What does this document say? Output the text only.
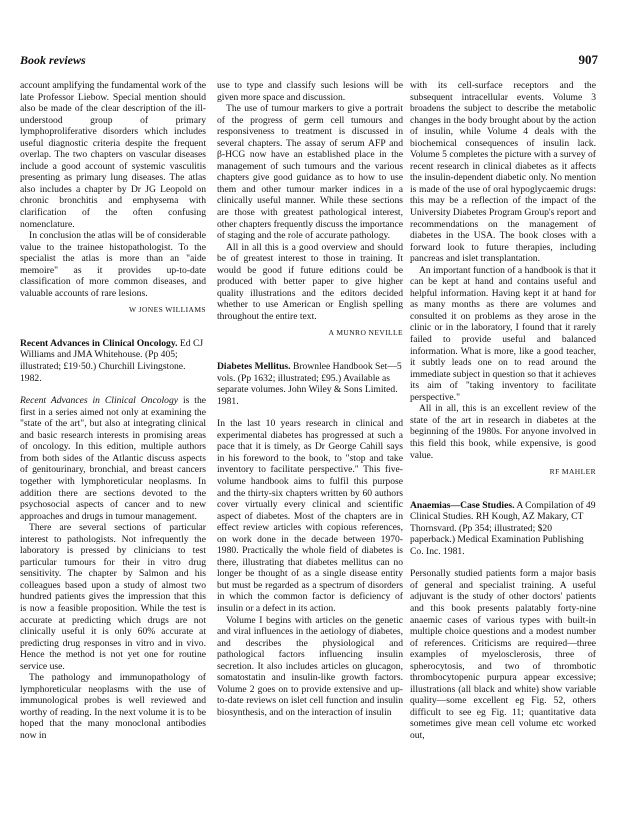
Book reviews	907

account amplifying the fundamental work of the late Professor Liebow. Special mention should also be made of the clear description of the ill-understood group of primary lymphoproliferative disorders which includes useful diagnostic criteria despite the frequent overlap. The two chapters on vascular diseases include a good account of systemic vasculitis presenting as primary lung diseases. The atlas also includes a chapter by Dr JG Leopold on chronic bronchitis and emphysema with clarification of the often confusing nomenclature.

In conclusion the atlas will be of considerable value to the trainee histopathologist. To the specialist the atlas is more than an "aide memoire" as it provides up-to-date classification of more common diseases, and valuable accounts of rare lesions.

W JONES WILLIAMS

Recent Advances in Clinical Oncology. Ed CJ Williams and JMA Whitehouse. (Pp 405; illustrated; £19·50.) Churchill Livingstone. 1982.

Recent Advances in Clinical Oncology is the first in a series aimed not only at examining the "state of the art", but also at integrating clinical and basic research interests in promising areas of oncology. In this edition, multiple authors from both sides of the Atlantic discuss aspects of genitourinary, bronchial, and breast cancers together with lymphoreticular neoplasms. In addition there are sections devoted to the psychosocial aspects of cancer and to new approaches and drugs in tumour management.

There are several sections of particular interest to pathologists. Not infrequently the laboratory is pressed by clinicians to test particular tumours for their in vitro drug sensitivity. The chapter by Salmon and his colleagues based upon a study of almost two hundred patients gives the impression that this is now a feasible proposition. While the test is accurate at predicting which drugs are not clinically useful it is only 60% accurate at predicting drug responses in vitro and in vivo. Hence the method is not yet one for routine service use.

The pathology and immunopathology of lymphoreticular neoplasms with the use of immunological probes is well reviewed and worthy of reading. In the next volume it is to be hoped that the many monoclonal antibodies now in

use to type and classify such lesions will be given more space and discussion.

The use of tumour markers to give a portrait of the progress of germ cell tumours and responsiveness to treatment is discussed in several chapters. The assay of serum AFP and β-HCG now have an established place in the management of such tumours and the various chapters give good guidance as to how to use them and other tumour marker indices in a clinically useful manner. While these sections are those with greatest pathological interest, other chapters frequently discuss the importance of staging and the role of accurate pathology.

All in all this is a good overview and should be of greatest interest to those in training. It would be good if future editions could be produced with better paper to give higher quality illustrations and the editors decided whether to use American or English spelling throughout the entire text.

A MUNRO NEVILLE

Diabetes Mellitus. Brownlee Handbook Set—5 vols. (Pp 1632; illustrated; £95.) Available as separate volumes. John Wiley & Sons Limited. 1981.

In the last 10 years research in clinical and experimental diabetes has progressed at such a pace that it is timely, as Dr George Cahill says in his foreword to the book, to "stop and take inventory to facilitate perspective." This five-volume handbook aims to fulfil this purpose and the thirty-six chapters written by 60 authors cover virtually every clinical and scientific aspect of diabetes. Most of the chapters are in effect review articles with copious references, on work done in the decade between 1970-1980. Practically the whole field of diabetes is there, illustrating that diabetes mellitus can no longer be thought of as a single disease entity but must be regarded as a spectrum of disorders in which the common factor is deficiency of insulin or a defect in its action.

Volume I begins with articles on the genetic and viral influences in the aetiology of diabetes, and describes the physiological and pathological factors influencing insulin secretion. It also includes articles on glucagon, somatostatin and insulin-like growth factors. Volume 2 goes on to provide extensive and up-to-date reviews on islet cell function and insulin biosynthesis, and on the interaction of insulin

with its cell-surface receptors and the subsequent intracellular events. Volume 3 broadens the subject to describe the metabolic changes in the body brought about by the action of insulin, while Volume 4 deals with the biochemical consequences of insulin lack. Volume 5 completes the picture with a survey of recent research in clinical diabetes as it affects the insulin-dependent diabetic only. No mention is made of the use of oral hypoglycaemic drugs: this may be a reflection of the impact of the University Diabetes Program Group's report and recommendations on the management of diabetes in the USA. The book closes with a forward look to future therapies, including pancreas and islet transplantation.

An important function of a handbook is that it can be kept at hand and contains useful and helpful information. Having kept it at hand for as many months as there are volumes and consulted it on problems as they arose in the clinic or in the laboratory, I found that it rarely failed to provide useful and balanced information. What is more, like a good teacher, it subtly leads one on to read around the immediate subject in question so that it achieves its aim of "taking inventory to facilitate perspective."

All in all, this is an excellent review of the state of the art in research in diabetes at the beginning of the 1980s. For anyone involved in this field this book, while expensive, is good value.

RF MAHLER

Anaemias—Case Studies. A Compilation of 49 Clinical Studies. RH Kough, AZ Makary, CT Thornsvard. (Pp 354; illustrated; $20 paperback.) Medical Examination Publishing Co. Inc. 1981.

Personally studied patients form a major basis of general and specialist training. A useful adjuvant is the study of other doctors' patients and this book presents palatably forty-nine anaemic cases of various types with built-in multiple choice questions and a modest number of references. Criticisms are required—three examples of myelosclerosis, three of spherocytosis, and two of thrombotic thrombocytopenic purpura appear excessive; illustrations (all black and white) show variable quality—some excellent eg Fig. 52, others difficult to see eg Fig. 11; quantitative data sometimes give mean cell volume etc worked out,
